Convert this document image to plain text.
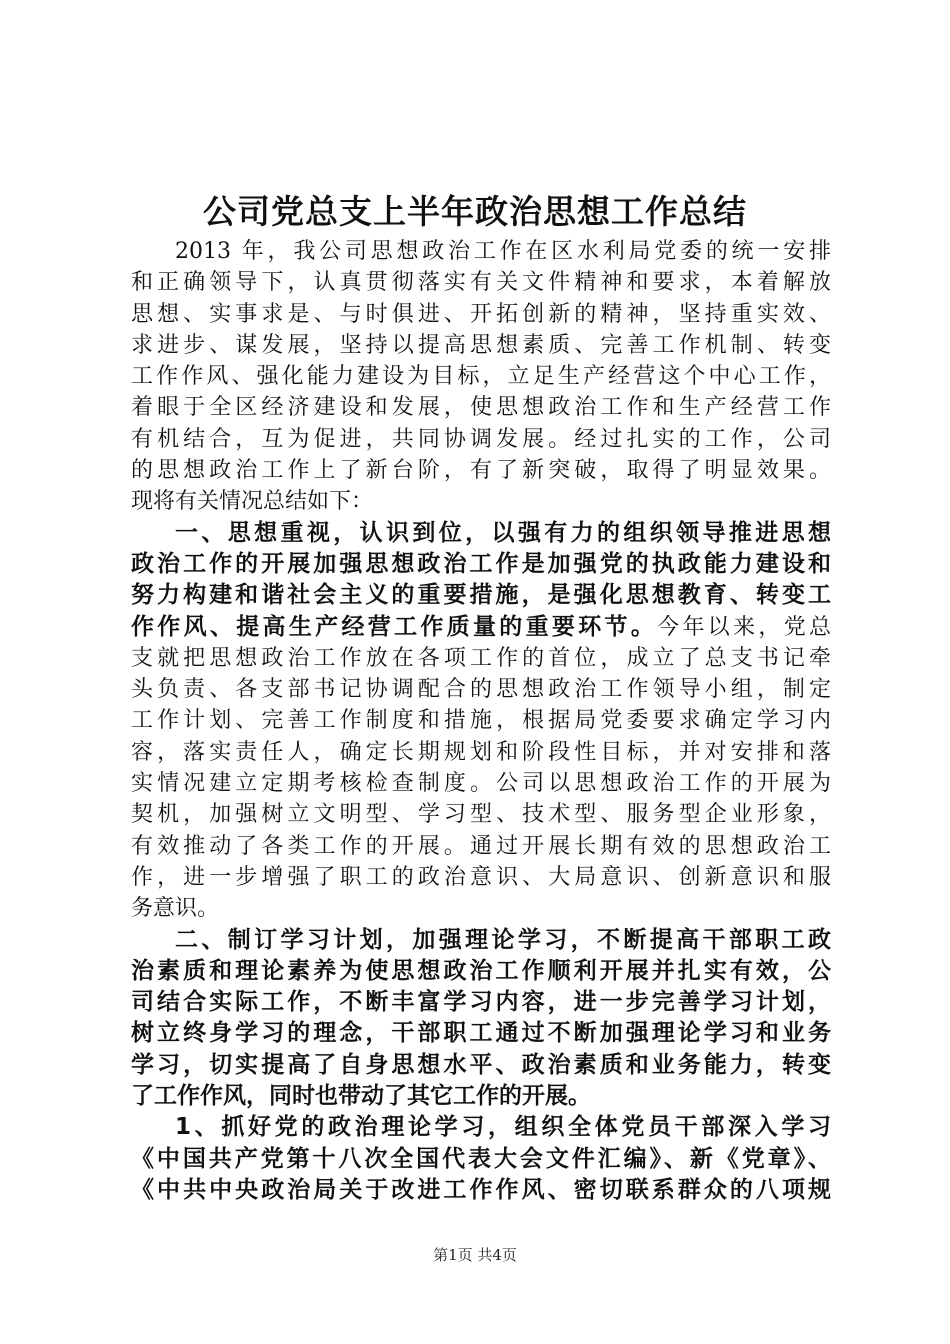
公司党总支上半年政治思想工作总结
2013 年，我公司思想政治工作在区水利局党委的统一安排
和正确领导下，认真贯彻落实有关文件精神和要求，本着解放
思想、实事求是、与时俱进、开拓创新的精神，坚持重实效、
求进步、谋发展，坚持以提高思想素质、完善工作机制、转变
工作作风、强化能力建设为目标，立足生产经营这个中心工作，
着眼于全区经济建设和发展，使思想政治工作和生产经营工作
有机结合，互为促进，共同协调发展。经过扎实的工作，公司
的思想政治工作上了新台阶，有了新突破，取得了明显效果。
现将有关情况总结如下：
一、思想重视，认识到位，以强有力的组织领导推进思想
政治工作的开展加强思想政治工作是加强党的执政能力建设和
努力构建和谐社会主义的重要措施，是强化思想教育、转变工
作作风、提高生产经营工作质量的重要环节。今年以来，党总
支就把思想政治工作放在各项工作的首位，成立了总支书记牵
头负责、各支部书记协调配合的思想政治工作领导小组，制定
工作计划、完善工作制度和措施，根据局党委要求确定学习内
容，落实责任人，确定长期规划和阶段性目标，并对安排和落
实情况建立定期考核检查制度。公司以思想政治工作的开展为
契机，加强树立文明型、学习型、技术型、服务型企业形象，
有效推动了各类工作的开展。通过开展长期有效的思想政治工
作，进一步增强了职工的政治意识、大局意识、创新意识和服
务意识。
二、制订学习计划，加强理论学习，不断提高干部职工政
治素质和理论素养为使思想政治工作顺利开展并扎实有效，公
司结合实际工作，不断丰富学习内容，进一步完善学习计划，
树立终身学习的理念，干部职工通过不断加强理论学习和业务
学习，切实提高了自身思想水平、政治素质和业务能力，转变
了工作作风，同时也带动了其它工作的开展。
1、抓好党的政治理论学习，组织全体党员干部深入学习
《中国共产党第十八次全国代表大会文件汇编》、新《党章》、
《中共中央政治局关于改进工作作风、密切联系群众的八项规
第1页 共4页
